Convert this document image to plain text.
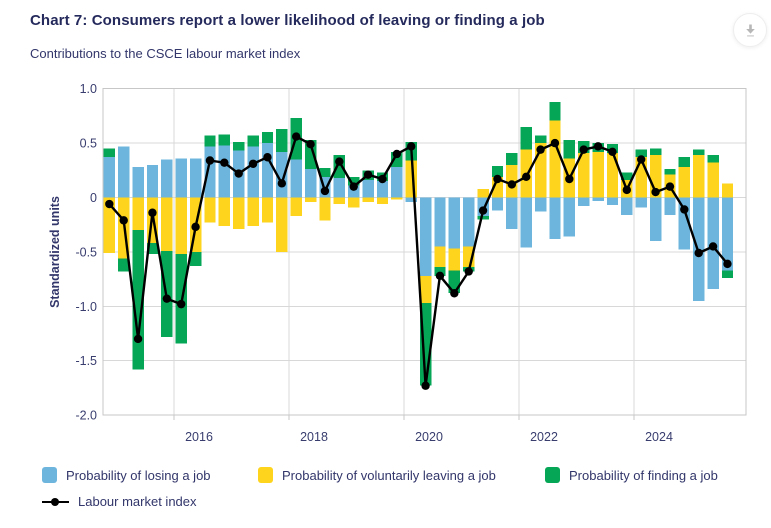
1.0
0.5
0
-0.5
-1.0
-1.5
-2.0
2016	2018	2020	2022	2024
Chart 7: Consumers report a lower likelihood of leaving or finding a job
Contributions to the CSCE labour market index
Standardized units
Probability of losing a job	Probability of voluntarily leaving a job	Probability of finding a job
Labour market index
